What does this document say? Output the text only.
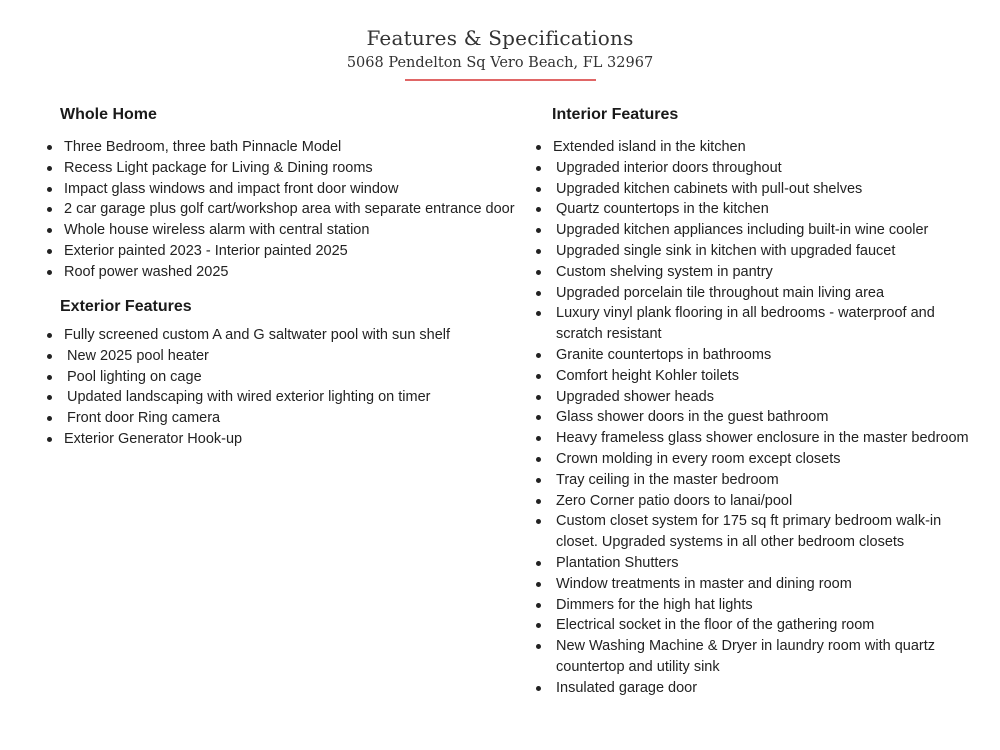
Features & Specifications
5068 Pendelton Sq Vero Beach, FL 32967
Whole Home
Three Bedroom, three bath Pinnacle Model
Recess Light package for Living & Dining rooms
Impact glass windows and impact front door window
2 car garage plus golf cart/workshop area with separate entrance door
Whole house wireless alarm with central station
Exterior painted 2023 - Interior painted 2025
Roof power washed 2025
Exterior Features
Fully screened custom A and G saltwater pool with sun shelf
New 2025 pool heater
Pool lighting on cage
Updated landscaping with wired exterior lighting on timer
Front door Ring camera
Exterior Generator Hook-up
Interior Features
Extended island in the kitchen
Upgraded interior doors throughout
Upgraded kitchen cabinets with pull-out shelves
Quartz countertops in the kitchen
Upgraded kitchen appliances including built-in wine cooler
Upgraded single sink in kitchen with upgraded faucet
Custom shelving system in pantry
Upgraded porcelain tile throughout main living area
Luxury vinyl plank flooring in all bedrooms - waterproof and scratch resistant
Granite countertops in bathrooms
Comfort height Kohler toilets
Upgraded shower heads
Glass shower doors in the guest bathroom
Heavy frameless glass shower enclosure in the master bedroom
Crown molding in every room except closets
Tray ceiling in the master bedroom
Zero Corner patio doors to lanai/pool
Custom closet system for 175 sq ft primary bedroom walk-in closet. Upgraded systems in all other bedroom closets
Plantation Shutters
Window treatments in master and dining room
Dimmers for the high hat lights
Electrical socket in the floor of the gathering room
New Washing Machine & Dryer in laundry room with quartz countertop and utility sink
Insulated garage door
